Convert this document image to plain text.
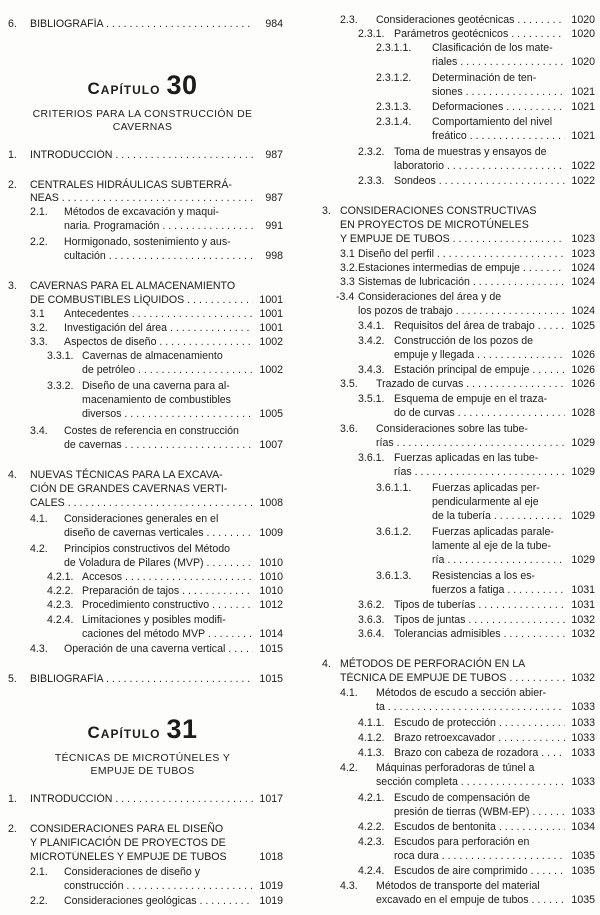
6. BIBLIOGRAFÍA . . .	984
Capítulo 30
CRITERIOS PARA LA CONSTRUCCIÓN DE
CAVERNAS
1. INTRODUCCIÓN . . .	987
2. CENTRALES HIDRÁULICAS SUBTERRÁ-
NEAS . . .	987
2.1. Métodos de excavación y maqui-
naria. Programación . . .	991
2.2. Hormigonado, sostenimiento y aus-
cultación . . .	998
3. CAVERNAS PARA EL ALMACENAMIENTO
DE COMBUSTIBLES LÍQUIDOS . . .	1001
3.1 Antecedentes . . .	1001
3.2. Investigación del área . . .	1001
3.3. Aspectos de diseño . . .	1002
3.3.1. Cavernas de almacenamiento
de petróleo . . .	1002
3.3.2. Diseño de una caverna para al-
macenamiento de combustibles
diversos . . .	1005
3.4. Costes de referencia en construcción
de cavernas . . .	1007
4. NUEVAS TÉCNICAS PARA LA EXCAVA-
CIÓN DE GRANDES CAVERNAS VERTI-
CALES . . .	1008
4.1. Consideraciones generales en el
diseño de cavernas verticales . . .	1009
4.2. Principios constructivos del Método
de Voladura de Pilares (MVP) . . .	1010
4.2.1. Accesos . . .	1010
4.2.2. Preparación de tajos . . .	1010
4.2.3. Procedimiento constructivo . . .	1012
4.2.4. Limitaciones y posibles modifi-
caciones del método MVP . . .	1014
4.3. Operación de una caverna vertical . . .	1015
5. BIBLIOGRAFÍA . . .	1015
Capítulo 31
TÉCNICAS DE MICROTÚNELES Y
EMPUJE DE TUBOS
1. INTRODUCCIÓN . . .	1017
2. CONSIDERACIONES PARA EL DISEÑO
Y PLANIFICACIÓN DE PROYECTOS DE
MICROTÚNELES Y EMPUJE DE TUBOS	1018
2.1. Consideraciones de diseño y
construcción . . .	1019
2.2. Consideraciones geológicas . . .	1019
2.3. Consideraciones geotécnicas . . .	1020
2.3.1. Parámetros geotécnicos . . .	1020
2.3.1.1. Clasificación de los mate-
riales . . .	1020
2.3.1.2. Determinación de ten-
siones . . .	1021
2.3.1.3. Deformaciones . . .	1021
2.3.1.4. Comportamiento del nivel
freático . . .	1021
2.3.2. Toma de muestras y ensayos de
laboratorio . . .	1022
2.3.3. Sondeos . . .	1022
3. CONSIDERACIONES CONSTRUCTIVAS
EN PROYECTOS DE MICROTÚNELES
Y EMPUJE DE TUBOS . . .	1023
3.1 Diseño del perfil . . .	1023
3.2. Estaciones intermedias de empuje . . .	1024
3.3 Sistemas de lubricación . . .	1024
-3.4 Consideraciones del área y de
los pozos de trabajo . . .	1024
3.4.1. Requisitos del área de trabajo . . .	1025
3.4.2. Construcción de los pozos de
empuje y llegada . . .	1026
3.4.3. Estación principal de empuje . . .	1026
3.5. Trazado de curvas . . .	1026
3.5.1. Esquema de empuje en el traza-
do de curvas . . .	1028
3.6. Consideraciones sobre las tube-
rías . . .	1029
3.6.1. Fuerzas aplicadas en las tube-
rías . . .	1029
3.6.1.1. Fuerzas aplicadas per-
pendicularmente al eje
de la tubería . . .	1029
3.6.1.2. Fuerzas aplicadas parale-
lamente al eje de la tube-
ría . . .	1029
3.6.1.3. Resistencias a los es-
fuerzos a fatiga . . .	1031
3.6.2. Tipos de tuberías . . .	1031
3.6.3. Tipos de juntas . . .	1032
3.6.4. Tolerancias admisibles . . .	1032
4. MÉTODOS DE PERFORACIÓN EN LA
TÉCNICA DE EMPUJE DE TUBOS . . .	1032
4.1. Métodos de escudo a sección abier-
ta . . .	1033
4.1.1. Escudo de protección . . .	1033
4.1.2. Brazo retroexcavador . . .	1033
4.1.3. Brazo con cabeza de rozadora . . .	1033
4.2. Máquinas perforadoras de túnel a
sección completa . . .	1033
4.2.1. Escudo de compensación de
presión de tierras (WBM-EP) . . .	1033
4.2.2. Escudos de bentonita . . .	1034
4.2.3. Escudos para perforación en
roca dura . . .	1035
4.2.4. Escudos de aire comprimido . . .	1035
4.3. Métodos de transporte del material
excavado en el empuje de tubos . . .	1035
